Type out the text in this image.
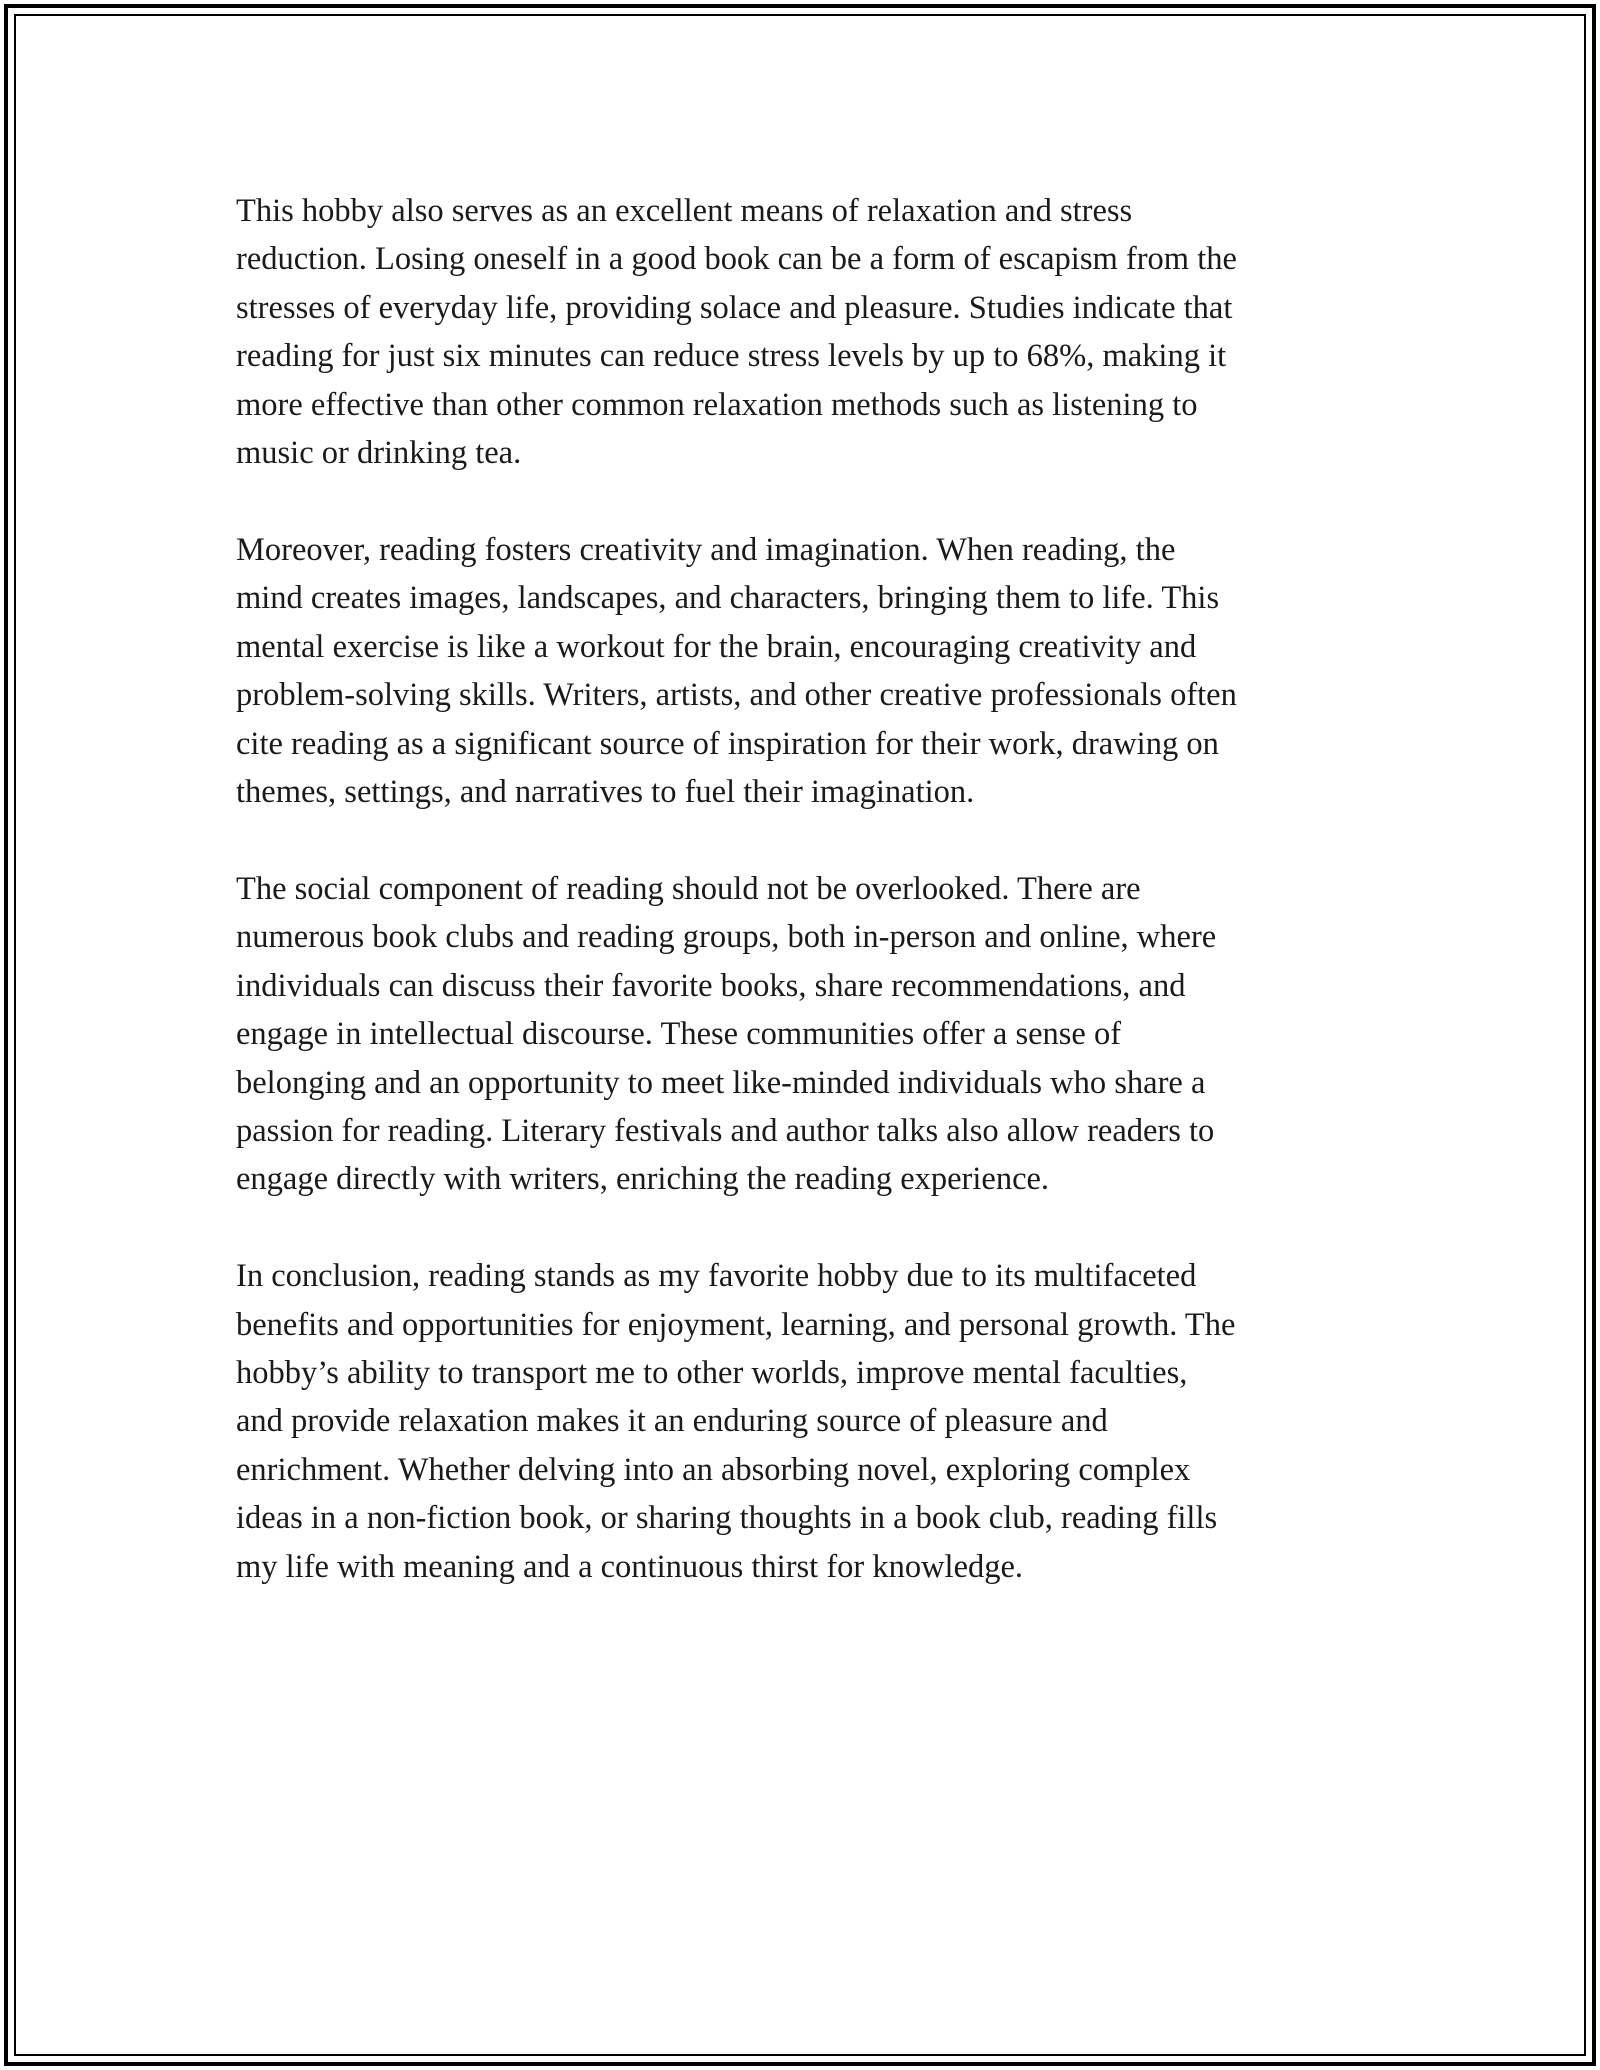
This hobby also serves as an excellent means of relaxation and stress
reduction. Losing oneself in a good book can be a form of escapism from the
stresses of everyday life, providing solace and pleasure. Studies indicate that
reading for just six minutes can reduce stress levels by up to 68%, making it
more effective than other common relaxation methods such as listening to
music or drinking tea.
Moreover, reading fosters creativity and imagination. When reading, the
mind creates images, landscapes, and characters, bringing them to life. This
mental exercise is like a workout for the brain, encouraging creativity and
problem-solving skills. Writers, artists, and other creative professionals often
cite reading as a significant source of inspiration for their work, drawing on
themes, settings, and narratives to fuel their imagination.
The social component of reading should not be overlooked. There are
numerous book clubs and reading groups, both in-person and online, where
individuals can discuss their favorite books, share recommendations, and
engage in intellectual discourse. These communities offer a sense of
belonging and an opportunity to meet like-minded individuals who share a
passion for reading. Literary festivals and author talks also allow readers to
engage directly with writers, enriching the reading experience.
In conclusion, reading stands as my favorite hobby due to its multifaceted
benefits and opportunities for enjoyment, learning, and personal growth. The
hobby’s ability to transport me to other worlds, improve mental faculties,
and provide relaxation makes it an enduring source of pleasure and
enrichment. Whether delving into an absorbing novel, exploring complex
ideas in a non-fiction book, or sharing thoughts in a book club, reading fills
my life with meaning and a continuous thirst for knowledge.
